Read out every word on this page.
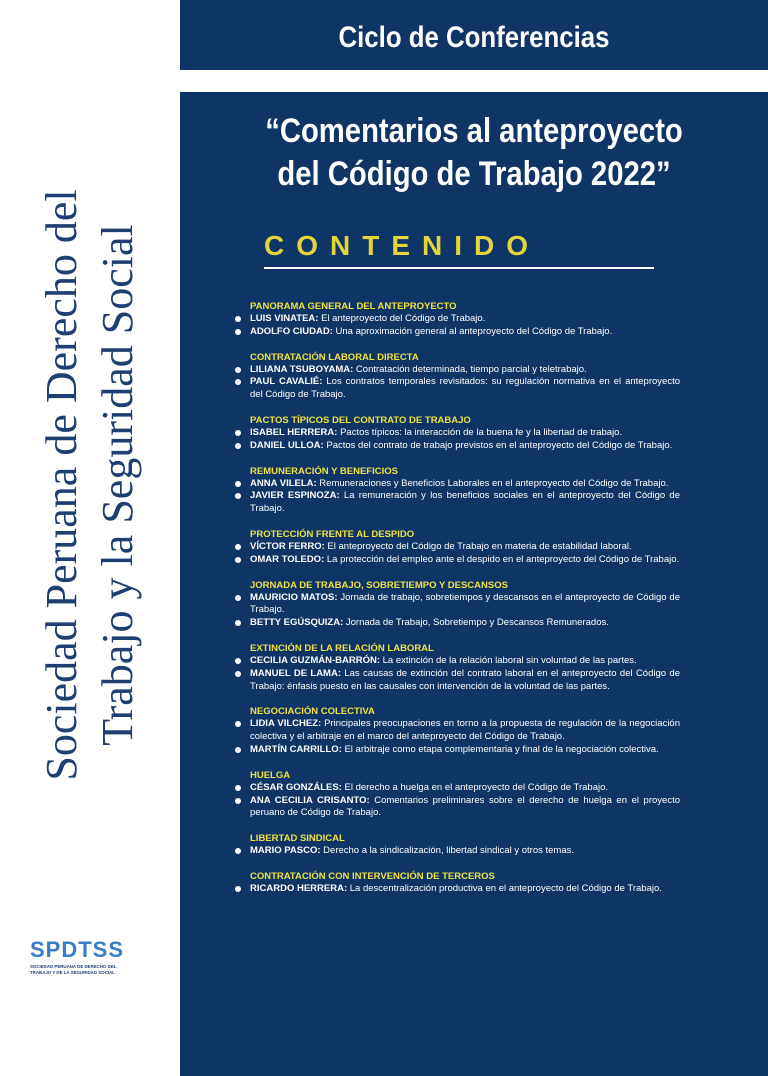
Sociedad Peruana de Derecho del Trabajo y la Seguridad Social
Ciclo de Conferencias
“Comentarios al anteproyecto
del Código de Trabajo 2022”
CONTENIDO
PANORAMA GENERAL DEL ANTEPROYECTO
LUIS VINATEA: El anteproyecto del Código de Trabajo.
ADOLFO CIUDAD: Una aproximación general al anteproyecto del Código de Trabajo.
CONTRATACIÓN LABORAL DIRECTA
LILIANA TSUBOYAMA: Contratación determinada, tiempo parcial y teletrabajo.
PAUL CAVALIÉ: Los contratos temporales revisitados: su regulación normativa en el anteproyecto del Código de Trabajo.
PACTOS TÍPICOS DEL CONTRATO DE TRABAJO
ISABEL HERRERA: Pactos típicos: la interacción de la buena fe y la libertad de trabajo.
DANIEL ULLOA: Pactos del contrato de trabajo previstos en el anteproyecto del Código de Trabajo.
REMUNERACIÓN Y BENEFICIOS
ANNA VILELA: Remuneraciones y Beneficios Laborales en el anteproyecto del Código de Trabajo.
JAVIER ESPINOZA: La remuneración y los beneficios sociales en el anteproyecto del Código de Trabajo.
PROTECCIÓN FRENTE AL DESPIDO
VÍCTOR FERRO: El anteproyecto del Código de Trabajo en materia de estabilidad laboral.
OMAR TOLEDO: La protección del empleo ante el despido en el anteproyecto del Código de Trabajo.
JORNADA DE TRABAJO, SOBRETIEMPO Y DESCANSOS
MAURICIO MATOS: Jornada de trabajo, sobretiempos y descansos en el anteproyecto de Código de Trabajo.
BETTY EGÚSQUIZA: Jornada de Trabajo, Sobretiempo y Descansos Remunerados.
EXTINCIÓN DE LA RELACIÓN LABORAL
CECILIA GUZMÁN-BARRÓN: La extinción de la relación laboral sin voluntad de las partes.
MANUEL DE LAMA: Las causas de extinción del contrato laboral en el anteproyecto del Código de Trabajo: énfasis puesto en las causales con intervención de la voluntad de las partes.
NEGOCIACIÓN COLECTIVA
LIDIA VILCHEZ: Principales preocupaciones en torno a la propuesta de regulación de la negociación colectiva y el arbitraje en el marco del anteproyecto del Código de Trabajo.
MARTÍN CARRILLO: El arbitraje como etapa complementaria y final de la negociación colectiva.
HUELGA
CÉSAR GONZÁLES: El derecho a huelga en el anteproyecto del Código de Trabajo.
ANA CECILIA CRISANTO: Comentarios preliminares sobre el derecho de huelga en el proyecto peruano de Código de Trabajo.
LIBERTAD SINDICAL
MARIO PASCO: Derecho a la sindicalización, libertad sindical y otros temas.
CONTRATACIÓN CON INTERVENCIÓN DE TERCEROS
RICARDO HERRERA: La descentralización productiva en el anteproyecto del Código de Trabajo.
SPDTSS
SOCIEDAD PERUANA DE DERECHO DEL
TRABAJO Y DE LA SEGURIDAD SOCIAL
